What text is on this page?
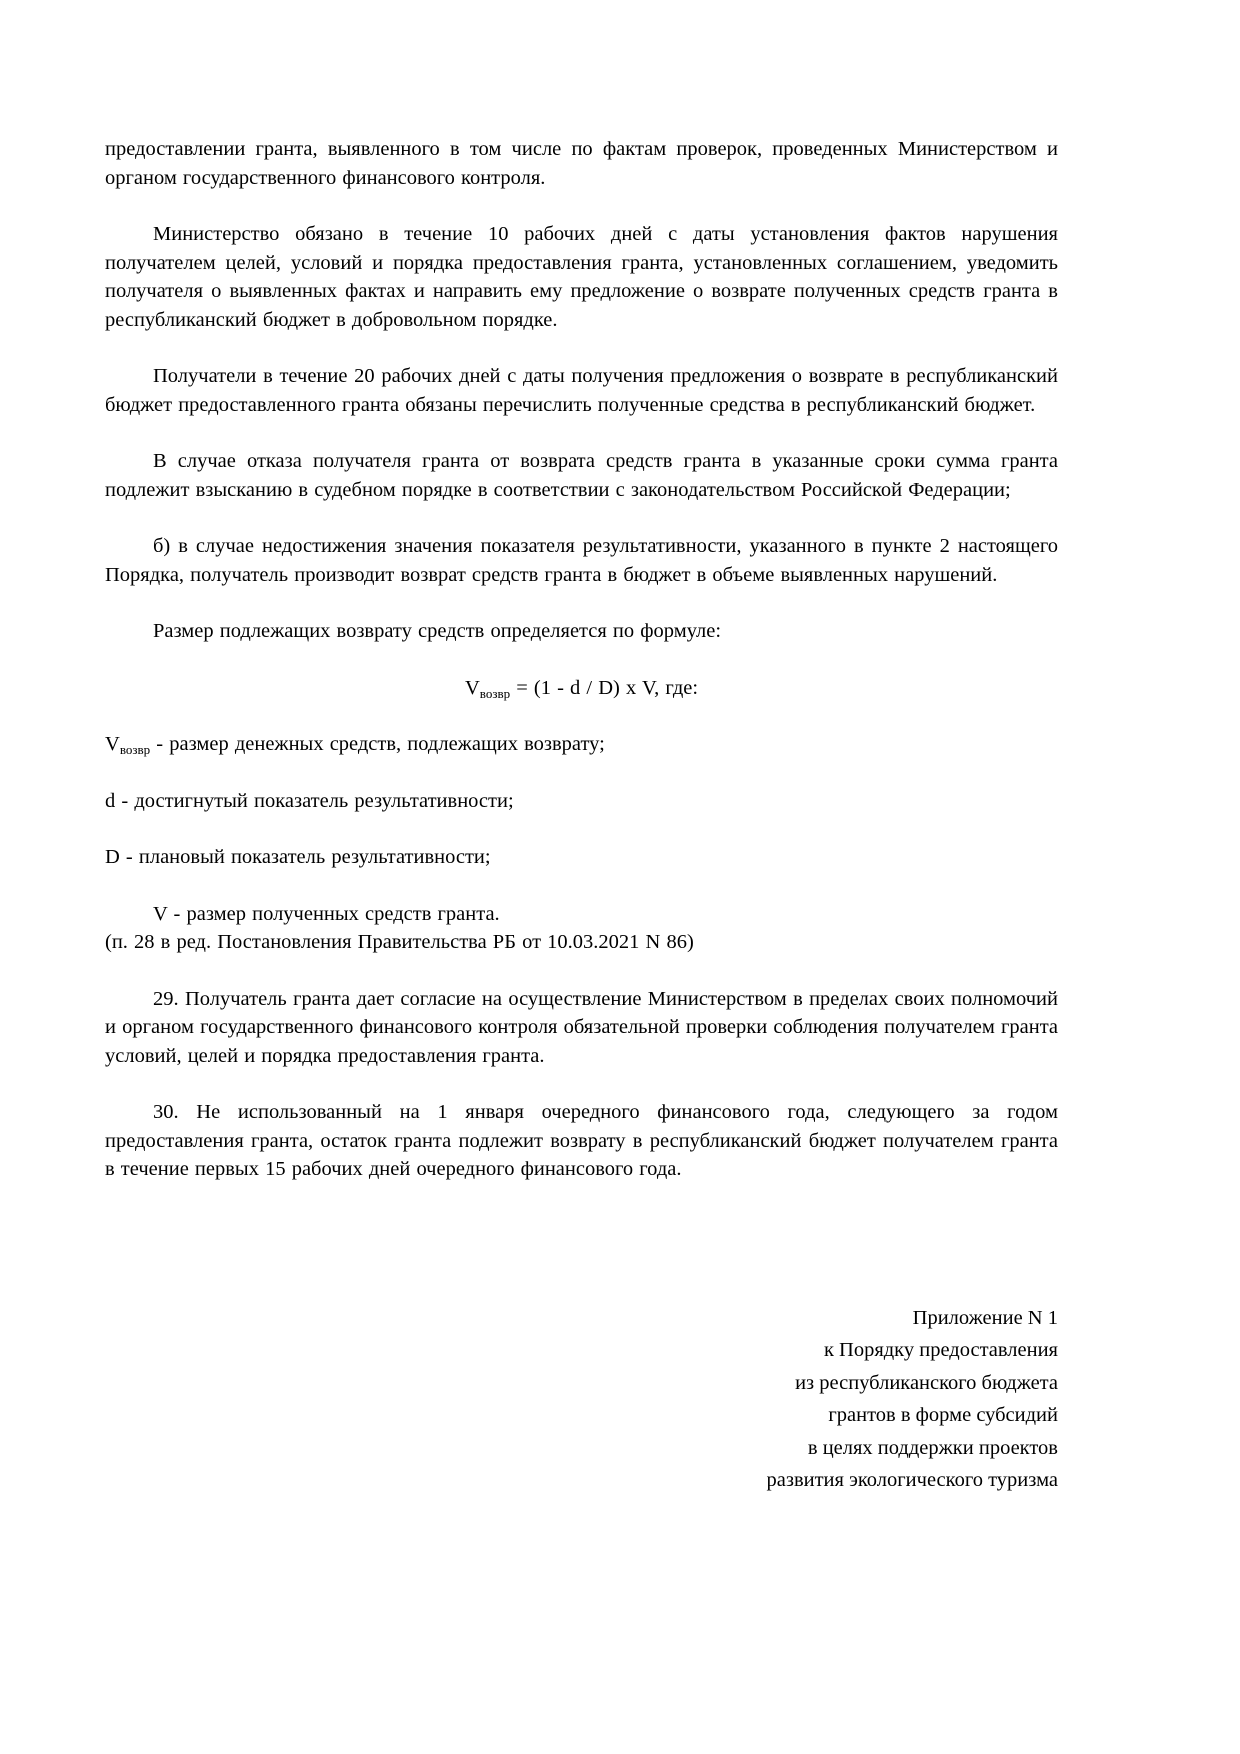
предоставлении гранта, выявленного в том числе по фактам проверок, проведенных Министерством и органом государственного финансового контроля.

Министерство обязано в течение 10 рабочих дней с даты установления фактов нарушения получателем целей, условий и порядка предоставления гранта, установленных соглашением, уведомить получателя о выявленных фактах и направить ему предложение о возврате полученных средств гранта в республиканский бюджет в добровольном порядке.

Получатели в течение 20 рабочих дней с даты получения предложения о возврате в республиканский бюджет предоставленного гранта обязаны перечислить полученные средства в республиканский бюджет.

В случае отказа получателя гранта от возврата средств гранта в указанные сроки сумма гранта подлежит взысканию в судебном порядке в соответствии с законодательством Российской Федерации;

б) в случае недостижения значения показателя результативности, указанного в пункте 2 настоящего Порядка, получатель производит возврат средств гранта в бюджет в объеме выявленных нарушений.

Размер подлежащих возврату средств определяется по формуле:

$V_{возвр} = (1 - d / D)$ x V, где:

$V_{возвр}$ - размер денежных средств, подлежащих возврату;

d - достигнутый показатель результативности;

D - плановый показатель результативности;

V - размер полученных средств гранта.

(п. 28 в ред. Постановления Правительства РБ от 10.03.2021 N 86)

29. Получатель гранта дает согласие на осуществление Министерством в пределах своих полномочий и органом государственного финансового контроля обязательной проверки соблюдения получателем гранта условий, целей и порядка предоставления гранта.

30. Не использованный на 1 января очередного финансового года, следующего за годом предоставления гранта, остаток гранта подлежит возврату в республиканский бюджет получателем гранта в течение первых 15 рабочих дней очередного финансового года.

Приложение N 1
к Порядку предоставления
из республиканского бюджета
грантов в форме субсидий
в целях поддержки проектов
развития экологического туризма
